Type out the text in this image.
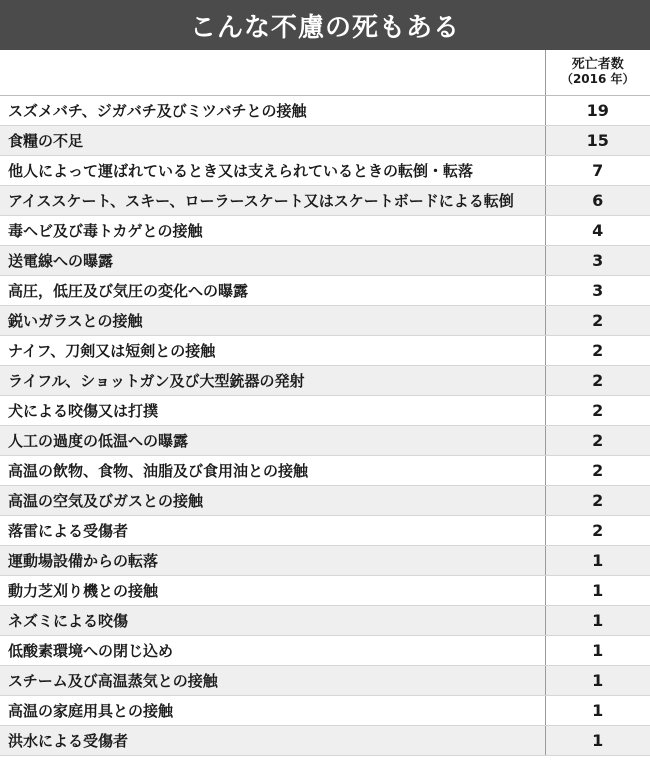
こんな不慮の死もある

	死亡者数
（2016 年）

スズメバチ、ジガバチ及びミツバチとの接触	19
食糧の不足	15
他人によって運ばれているとき又は支えられているときの転倒・転落	7
アイススケート、スキー、ローラースケート又はスケートボードによる転倒	6
毒ヘビ及び毒トカゲとの接触	4
送電線への曝露	3
高圧，低圧及び気圧の変化への曝露	3
鋭いガラスとの接触	2
ナイフ、刀剣又は短剣との接触	2
ライフル、ショットガン及び大型銃器の発射	2
犬による咬傷又は打撲	2
人工の過度の低温への曝露	2
高温の飲物、食物、油脂及び食用油との接触	2
高温の空気及びガスとの接触	2
落雷による受傷者	2
運動場設備からの転落	1
動力芝刈り機との接触	1
ネズミによる咬傷	1
低酸素環境への閉じ込め	1
スチーム及び高温蒸気との接触	1
高温の家庭用具との接触	1
洪水による受傷者	1
